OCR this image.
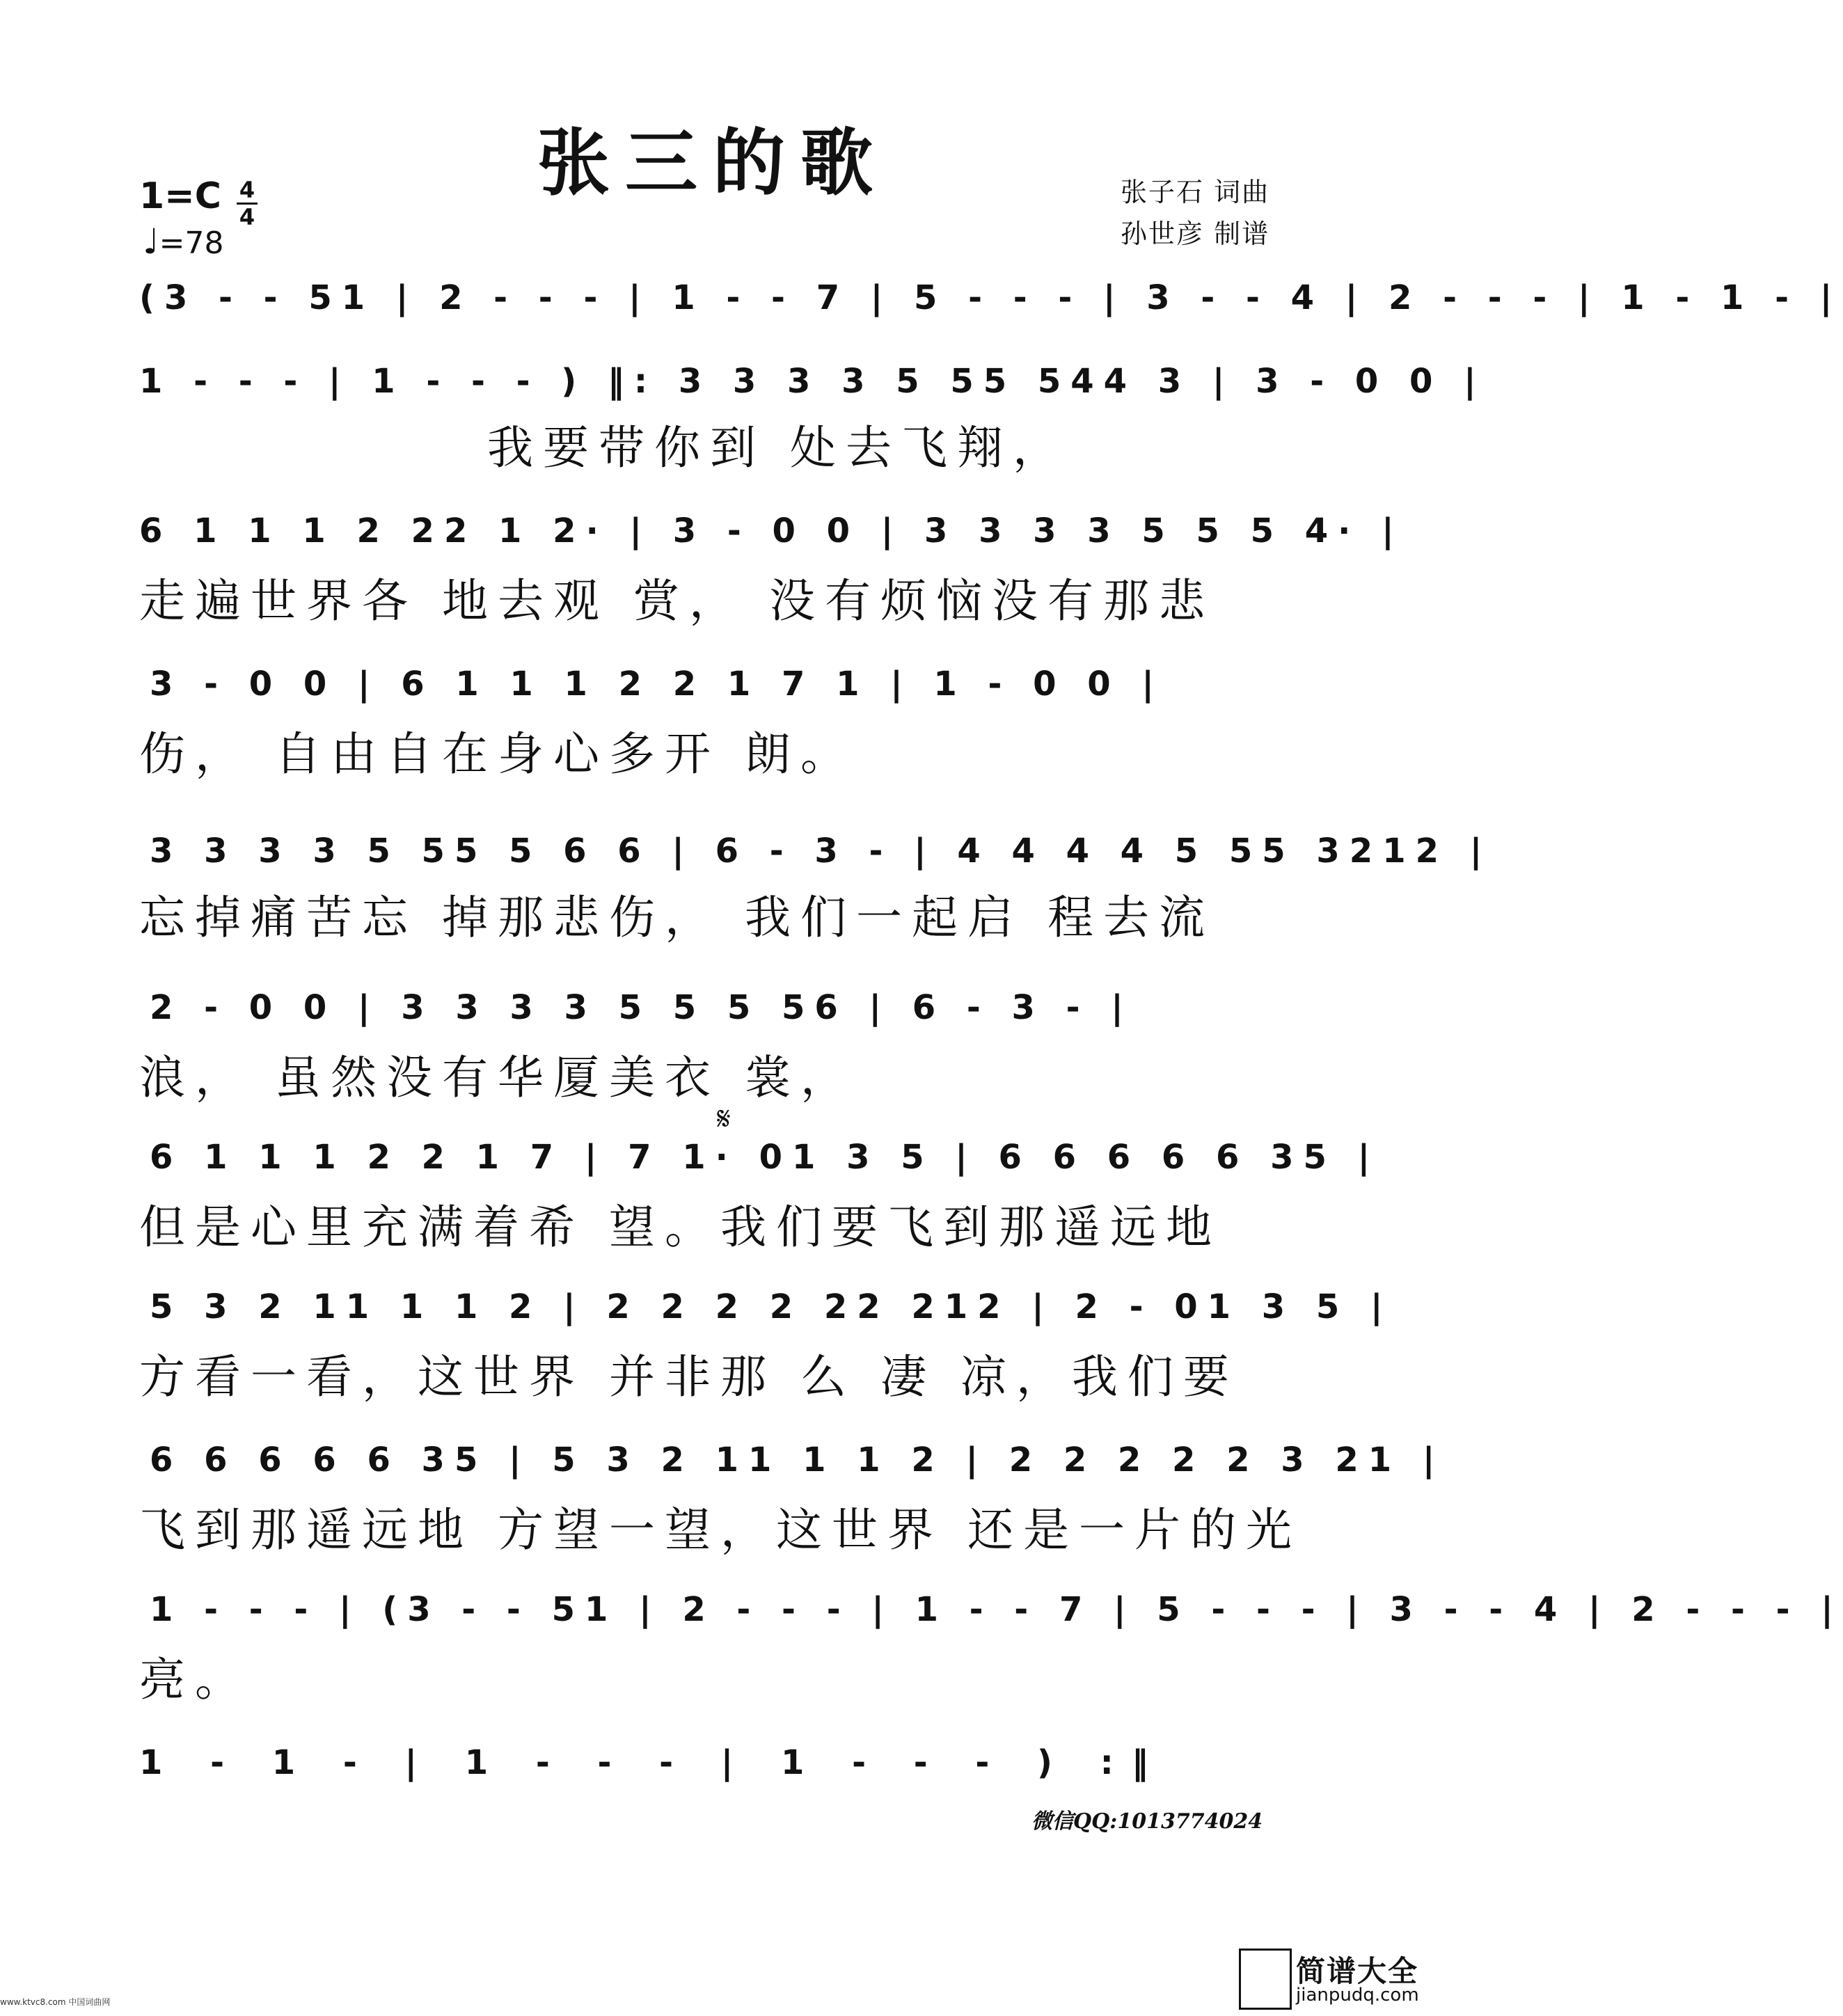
张三的歌	张子石 词曲
孙世彦 制谱
1=C 4
4
♩=78
(3 - - 51 | 2 - - - | 1 - - 7 | 5 - - - | 3 - - 4 | 2 - - - | 1 - 1 - |
1 - - - | 1 - - - ) ‖: 3 3 3 3 5 55 544 3 | 3 - 0 0 |
我要带你到 处去飞翔，
6 1 1 1 2 22 1 2· | 3 - 0 0 | 3 3 3 3 5 5 5 4· |
走遍世界各 地去观 赏， 没有烦恼没有那悲
3 - 0 0 | 6 1 1 1 2 2 1 7 1 | 1 - 0 0 |
伤， 自由自在身心多开 朗。
3 3 3 3 5 55 5 6 6 | 6 - 3 - | 4 4 4 4 5 55 3212 |
忘掉痛苦忘 掉那悲伤， 我们一起启 程去流
2 - 0 0 | 3 3 3 3 5 5 5 56 | 6 - 3 - |
浪， 虽然没有华厦美衣 裳，
𝄋
6 1 1 1 2 2 1 7 | 7 1· 01 3 5 | 6 6 6 6 6 35 |
但是心里充满着希 望。我们要飞到那遥远地
5 3 2 11 1 1 2 | 2 2 2 2 22 212 | 2 - 01 3 5 |
方看一看，这世界 并非那 么 凄 凉，我们要
6 6 6 6 6 35 | 5 3 2 11 1 1 2 | 2 2 2 2 2 3 21 |
飞到那遥远地 方望一望，这世界 还是一片的光
1 - - - | (3 - - 51 | 2 - - - | 1 - - 7 | 5 - - - | 3 - - 4 | 2 - - - |
亮。
1 - 1 - | 1 - - - | 1 - - - ) :‖
微信QQ:1013774024
www.ktvc8.com 中国词曲网
简谱大全
jianpudq.com
